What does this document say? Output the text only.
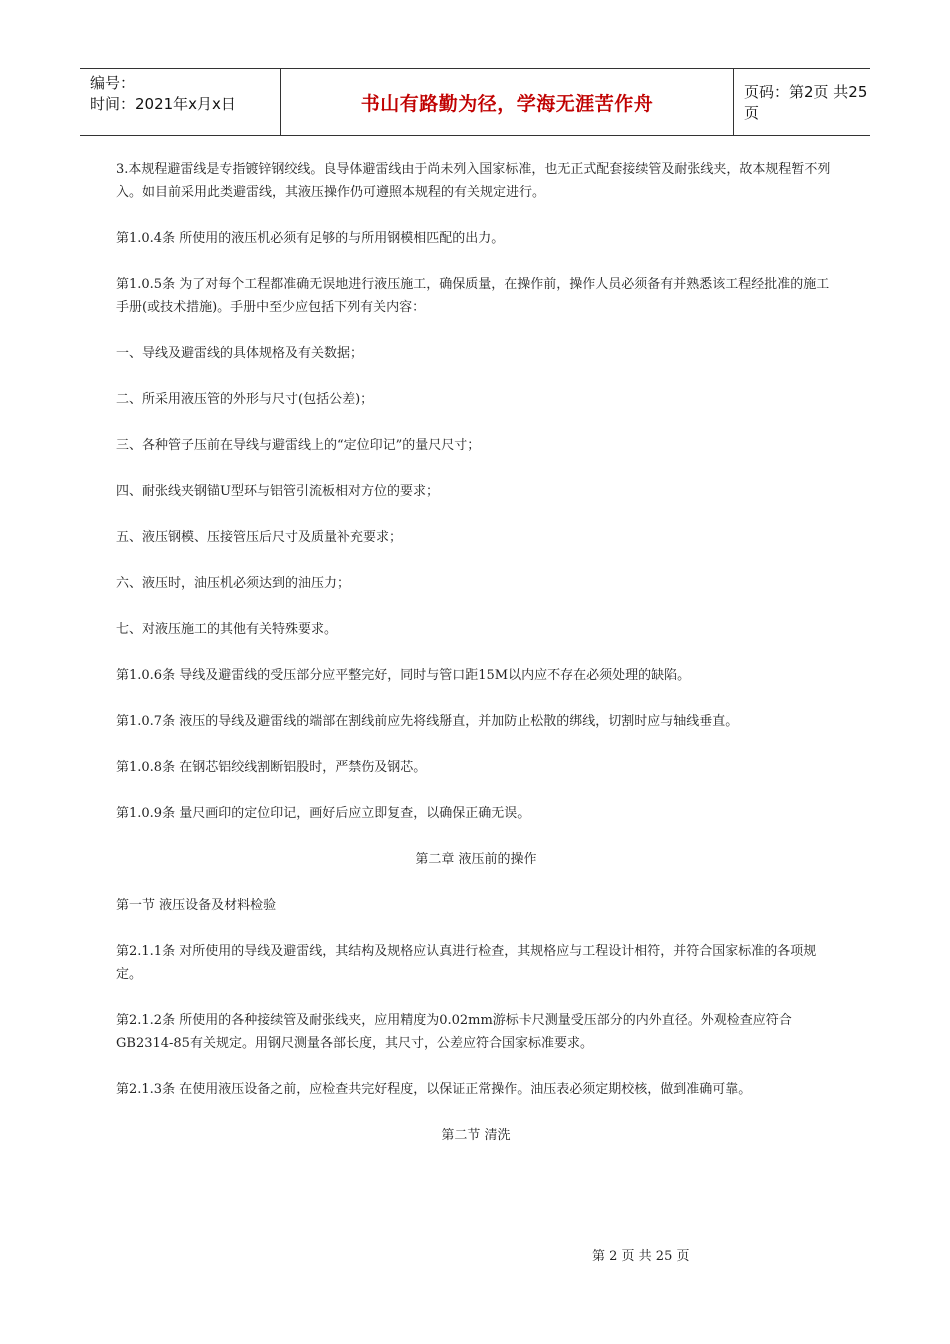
编号：
时间：2021年x月x日	书山有路勤为径，学海无涯苦作舟
页码：第2页 共25页

3.本规程避雷线是专指镀锌钢绞线。良导体避雷线由于尚未列入国家标准，也无正式配套接续管及耐张线夹，故本规程暂不列入。如目前采用此类避雷线，其液压操作仍可遵照本规程的有关规定进行。

第1.0.4条 所使用的液压机必须有足够的与所用钢模相匹配的出力。

第1.0.5条 为了对每个工程都准确无误地进行液压施工，确保质量，在操作前，操作人员必须备有并熟悉该工程经批准的施工手册(或技术措施)。手册中至少应包括下列有关内容：

一、导线及避雷线的具体规格及有关数据；

二、所采用液压管的外形与尺寸(包括公差)；

三、各种管子压前在导线与避雷线上的“定位印记”的量尺尺寸；

四、耐张线夹钢锚U型环与铝管引流板相对方位的要求；

五、液压钢模、压接管压后尺寸及质量补充要求；

六、液压时，油压机必须达到的油压力；

七、对液压施工的其他有关特殊要求。

第1.0.6条 导线及避雷线的受压部分应平整完好，同时与管口距15M以内应不存在必须处理的缺陷。

第1.0.7条 液压的导线及避雷线的端部在割线前应先将线掰直，并加防止松散的绑线，切割时应与轴线垂直。

第1.0.8条 在钢芯铝绞线割断铝股时，严禁伤及钢芯。

第1.0.9条 量尺画印的定位印记，画好后应立即复查，以确保正确无误。

第二章 液压前的操作

第一节 液压设备及材料检验

第2.1.1条 对所使用的导线及避雷线，其结构及规格应认真进行检查，其规格应与工程设计相符，并符合国家标准的各项规定。

第2.1.2条 所使用的各种接续管及耐张线夹，应用精度为0.02mm游标卡尺测量受压部分的内外直径。外观检查应符合GB2314-85有关规定。用钢尺测量各部长度，其尺寸，公差应符合国家标准要求。

第2.1.3条 在使用液压设备之前，应检查共完好程度，以保证正常操作。油压表必须定期校核，做到准确可靠。

第二节 清洗

第 2 页 共 25 页
